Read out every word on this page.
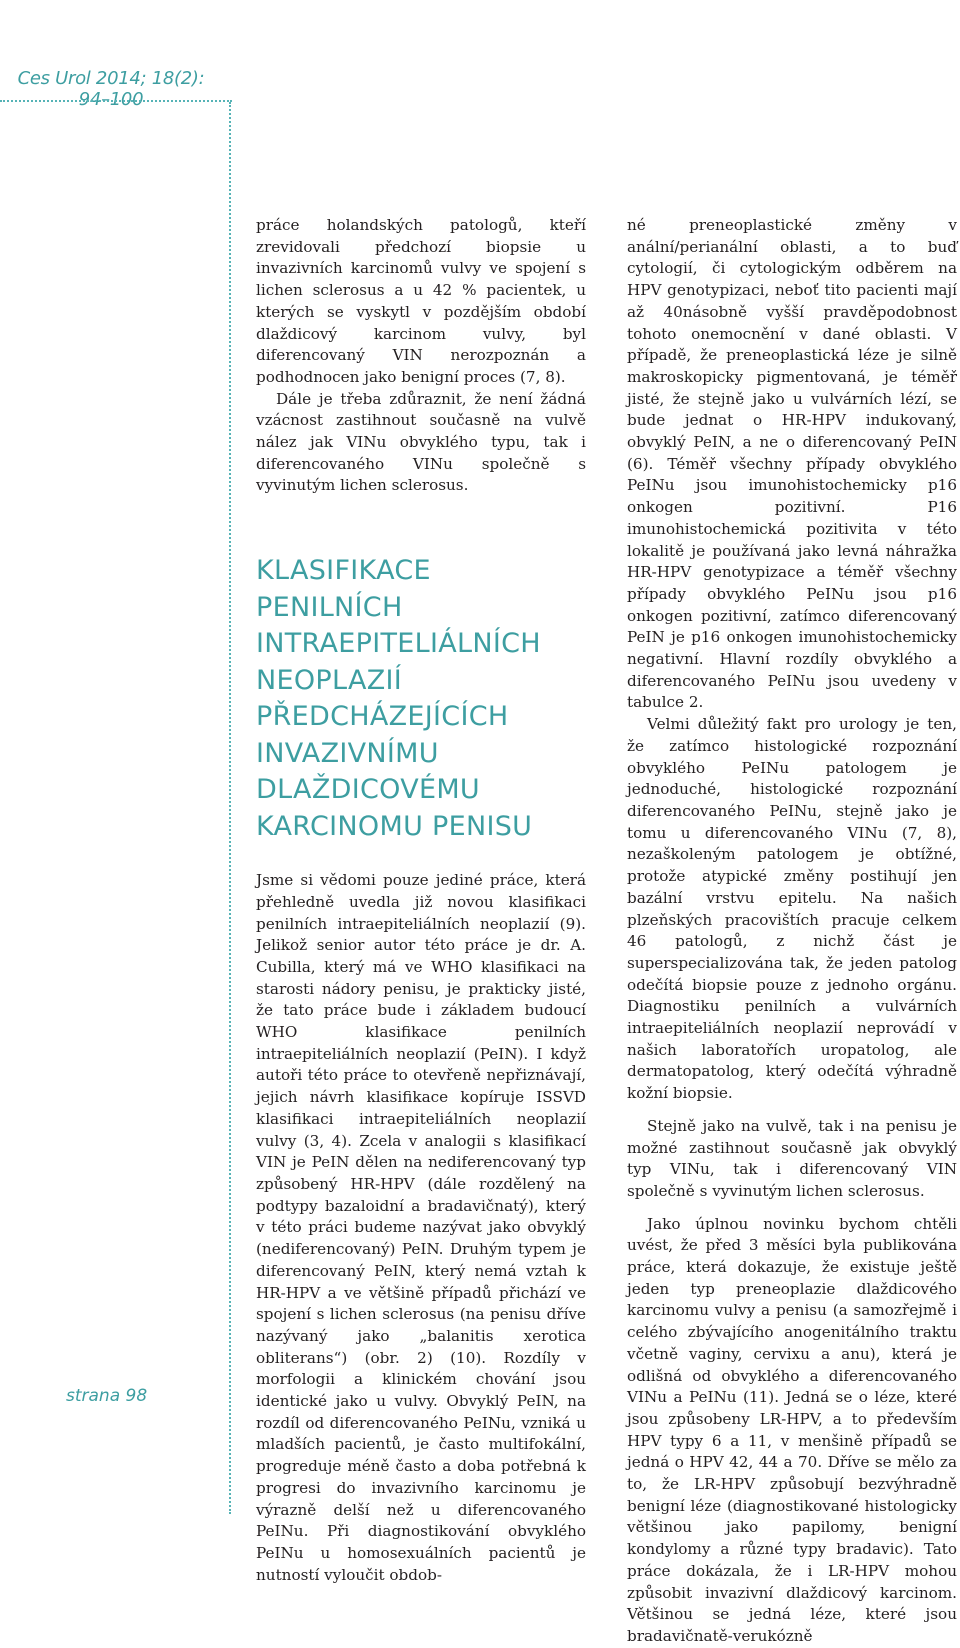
Ces Urol 2014; 18(2): 94–100
strana 98

práce holandských patologů, kteří zrevidovali předchozí biopsie u invazivních karcinomů vulvy ve spojení s lichen sclerosus a u 42 % pacientek, u kterých se vyskytl v pozdějším období dlaždicový karcinom vulvy, byl diferencovaný VIN nerozpoznán a podhodnocen jako benigní proces (7, 8).

Dále je třeba zdůraznit, že není žádná vzácnost zastihnout současně na vulvě nález jak VINu obvyklého typu, tak i diferencovaného VINu společně s vyvinutým lichen sclerosus.

KLASIFIKACE PENILNÍCH
INTRAEPITELIÁLNÍCH
NEOPLAZIÍ
PŘEDCHÁZEJÍCÍCH
INVAZIVNÍMU
DLAŽDICOVÉMU
KARCINOMU PENISU

Jsme si vědomi pouze jediné práce, která přehledně uvedla již novou klasifikaci penilních intraepiteliálních neoplazií (9). Jelikož senior autor této práce je dr. A. Cubilla, který má ve WHO klasifikaci na starosti nádory penisu, je prakticky jisté, že tato práce bude i základem budoucí WHO klasifikace penilních intraepiteliálních neoplazií (PeIN). I když autoři této práce to otevřeně nepřiznávají, jejich návrh klasifikace kopíruje ISSVD klasifikaci intraepiteliálních neoplazií vulvy (3, 4). Zcela v analogii s klasifikací VIN je PeIN dělen na nediferencovaný typ způsobený HR-HPV (dále rozdělený na podtypy bazaloidní a bradavičnatý), který v této práci budeme nazývat jako obvyklý (nediferencovaný) PeIN. Druhým typem je diferencovaný PeIN, který nemá vztah k HR-HPV a ve většině případů přichází ve spojení s lichen sclerosus (na penisu dříve nazývaný jako „balanitis xerotica obliterans“) (obr. 2) (10). Rozdíly v morfologii a klinickém chování jsou identické jako u vulvy. Obvyklý PeIN, na rozdíl od diferencovaného PeINu, vzniká u mladších pacientů, je často multifokální, progreduje méně často a doba potřebná k progresi do invazivního karcinomu je výrazně delší než u diferencovaného PeINu. Při diagnostikování obvyklého PeINu u homosexuálních pacientů je nutností vyloučit obdob-

né preneoplastické změny v anální/perianální oblasti, a to buď cytologií, či cytologickým odběrem na HPV genotypizaci, neboť tito pacienti mají až 40násobně vyšší pravděpodobnost tohoto onemocnění v dané oblasti. V případě, že preneoplastická léze je silně makroskopicky pigmentovaná, je téměř jisté, že stejně jako u vulvárních lézí, se bude jednat o HR-HPV indukovaný, obvyklý PeIN, a ne o diferencovaný PeIN (6). Téměř všechny případy obvyklého PeINu jsou imunohistochemicky p16 onkogen pozitivní. P16 imunohistochemická pozitivita v této lokalitě je používaná jako levná náhražka HR-HPV genotypizace a téměř všechny případy obvyklého PeINu jsou p16 onkogen pozitivní, zatímco diferencovaný PeIN je p16 onkogen imunohistochemicky negativní. Hlavní rozdíly obvyklého a diferencovaného PeINu jsou uvedeny v tabulce 2.

Velmi důležitý fakt pro urology je ten, že zatímco histologické rozpoznání obvyklého PeINu patologem je jednoduché, histologické rozpoznání diferencovaného PeINu, stejně jako je tomu u diferencovaného VINu (7, 8), nezaškoleným patologem je obtížné, protože atypické změny postihují jen bazální vrstvu epitelu. Na našich plzeňských pracovištích pracuje celkem 46 patologů, z nichž část je superspecializována tak, že jeden patolog odečítá biopsie pouze z jednoho orgánu. Diagnostiku penilních a vulvárních intraepiteliálních neoplazií neprovádí v našich laboratořích uropatolog, ale dermatopatolog, který odečítá výhradně kožní biopsie.

Stejně jako na vulvě, tak i na penisu je možné zastihnout současně jak obvyklý typ VINu, tak i diferencovaný VIN společně s vyvinutým lichen sclerosus.

Jako úplnou novinku bychom chtěli uvést, že před 3 měsíci byla publikována práce, která dokazuje, že existuje ještě jeden typ preneoplazie dlaždicového karcinomu vulvy a penisu (a samozřejmě i celého zbývajícího anogenitálního traktu včetně vaginy, cervixu a anu), která je odlišná od obvyklého a diferencovaného VINu a PeINu (11). Jedná se o léze, které jsou způsobeny LR-HPV, a to především HPV typy 6 a 11, v menšině případů se jedná o HPV 42, 44 a 70. Dříve se mělo za to, že LR-HPV způsobují bezvýhradně benigní léze (diagnostikované histologicky většinou jako papilomy, benigní kondylomy a různé typy bradavic). Tato práce dokázala, že i LR-HPV mohou způsobit invazivní dlaždicový karcinom. Většinou se jedná léze, které jsou bradavičnatě-verukózně
